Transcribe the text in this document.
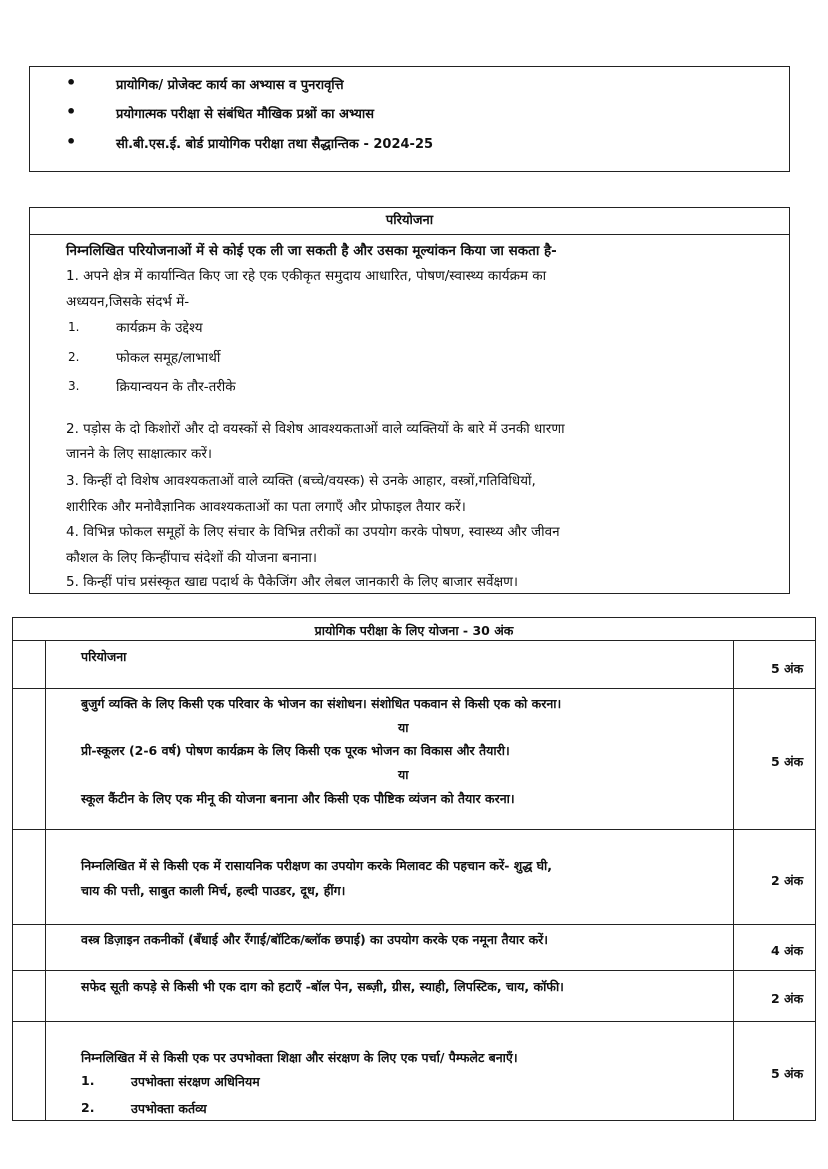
•	प्रायोगिक/ प्रोजेक्ट कार्य का अभ्यास व पुनरावृत्ति
•	प्रयोगात्मक परीक्षा से संबंधित मौखिक प्रश्नों का अभ्यास
•	सी.बी.एस.ई. बोर्ड प्रायोगिक परीक्षा तथा सैद्धान्तिक - 2024-25
परियोजना
निम्नलिखित परियोजनाओं में से कोई एक ली जा सकती है और उसका मूल्यांकन किया जा सकता है-
1. अपने क्षेत्र में कार्यान्वित किए जा रहे एक एकीकृत समुदाय आधारित, पोषण/स्वास्थ्य कार्यक्रम का
अध्ययन,जिसके संदर्भ में-
1.	कार्यक्रम के उद्देश्य
2.	फोकल समूह/लाभार्थी
3.	क्रियान्वयन के तौर-तरीके
2. पड़ोस के दो किशोरों और दो वयस्कों से विशेष आवश्यकताओं वाले व्यक्तियों के बारे में उनकी धारणा
जानने के लिए साक्षात्कार करें।
3. किन्हीं दो विशेष आवश्यकताओं वाले व्यक्ति (बच्चे/वयस्क) से उनके आहार, वस्त्रों,गतिविधियों,
शारीरिक और मनोवैज्ञानिक आवश्यकताओं का पता लगाएँ और प्रोफाइल तैयार करें।
4. विभिन्न फोकल समूहों के लिए संचार के विभिन्न तरीकों का उपयोग करके पोषण, स्वास्थ्य और जीवन
कौशल के लिए किन्हींपाच संदेशों की योजना बनाना।
5. किन्हीं पांच प्रसंस्कृत खाद्य पदार्थ के पैकेजिंग और लेबल जानकारी के लिए बाजार सर्वेक्षण।
प्रायोगिक परीक्षा के लिए योजना - 30 अंक
परियोजना
5 अंक
बुजुर्ग व्यक्ति के लिए किसी एक परिवार के भोजन का संशोधन। संशोधित पकवान से किसी एक को करना।
या
प्री-स्कूलर (2-6 वर्ष) पोषण कार्यक्रम के लिए किसी एक पूरक भोजन का विकास और तैयारी।
या
स्कूल कैंटीन के लिए एक मीनू की योजना बनाना और किसी एक पौष्टिक व्यंजन को तैयार करना।
5 अंक
निम्नलिखित में से किसी एक में रासायनिक परीक्षण का उपयोग करके मिलावट की पहचान करें- शुद्ध घी,
चाय की पत्ती, साबुत काली मिर्च, हल्दी पाउडर, दूध, हींग।
2 अंक
वस्त्र डिज़ाइन तकनीकों (बँधाई और रँगाई/बॉटिक/ब्लॉक छपाई) का उपयोग करके एक नमूना तैयार करें।
4 अंक
सफेद सूती कपड़े से किसी भी एक दाग को हटाएँ -बॉल पेन, सब्ज़ी, ग्रीस, स्याही, लिपस्टिक, चाय, कॉफी।
2 अंक
निम्नलिखित में से किसी एक पर उपभोक्ता शिक्षा और संरक्षण के लिए एक पर्चा/ पैम्फलेट बनाएँ।
1.	उपभोक्ता संरक्षण अधिनियम
2.	उपभोक्ता कर्तव्य
5 अंक
